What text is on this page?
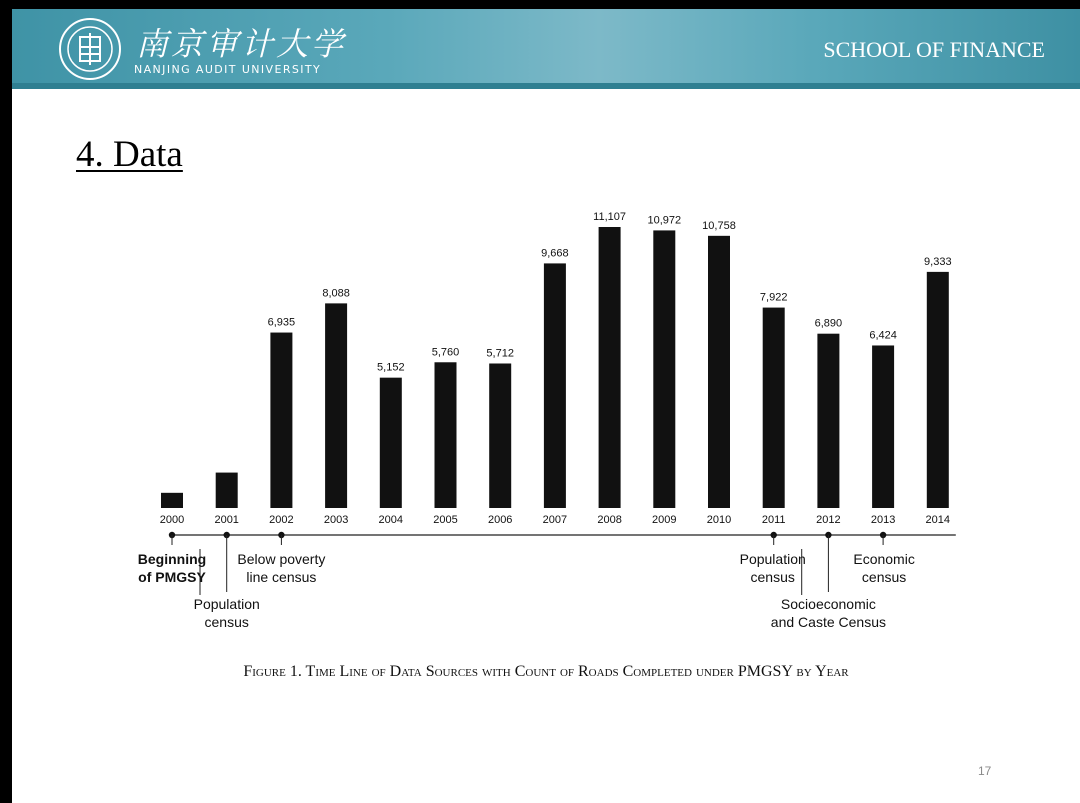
南京审计大学
NANJING AUDIT UNIVERSITY
SCHOOL OF FINANCE
4. Data
2000	2001
6,935
2002
8,088
2003
5,152
2004
5,760
2005
5,712
2006
9,668
2007
11,107
2008
10,972
2009
10,758
2010
7,922
2011
6,890
2012
6,424
2013
9,333
2014
Beginning
of PMGSY
Population
census
Below poverty
line census
Population
census
Socioeconomic
and Caste Census
Economic
census
Figure 1. Time Line of Data Sources with Count of Roads Completed under PMGSY by Year
17
